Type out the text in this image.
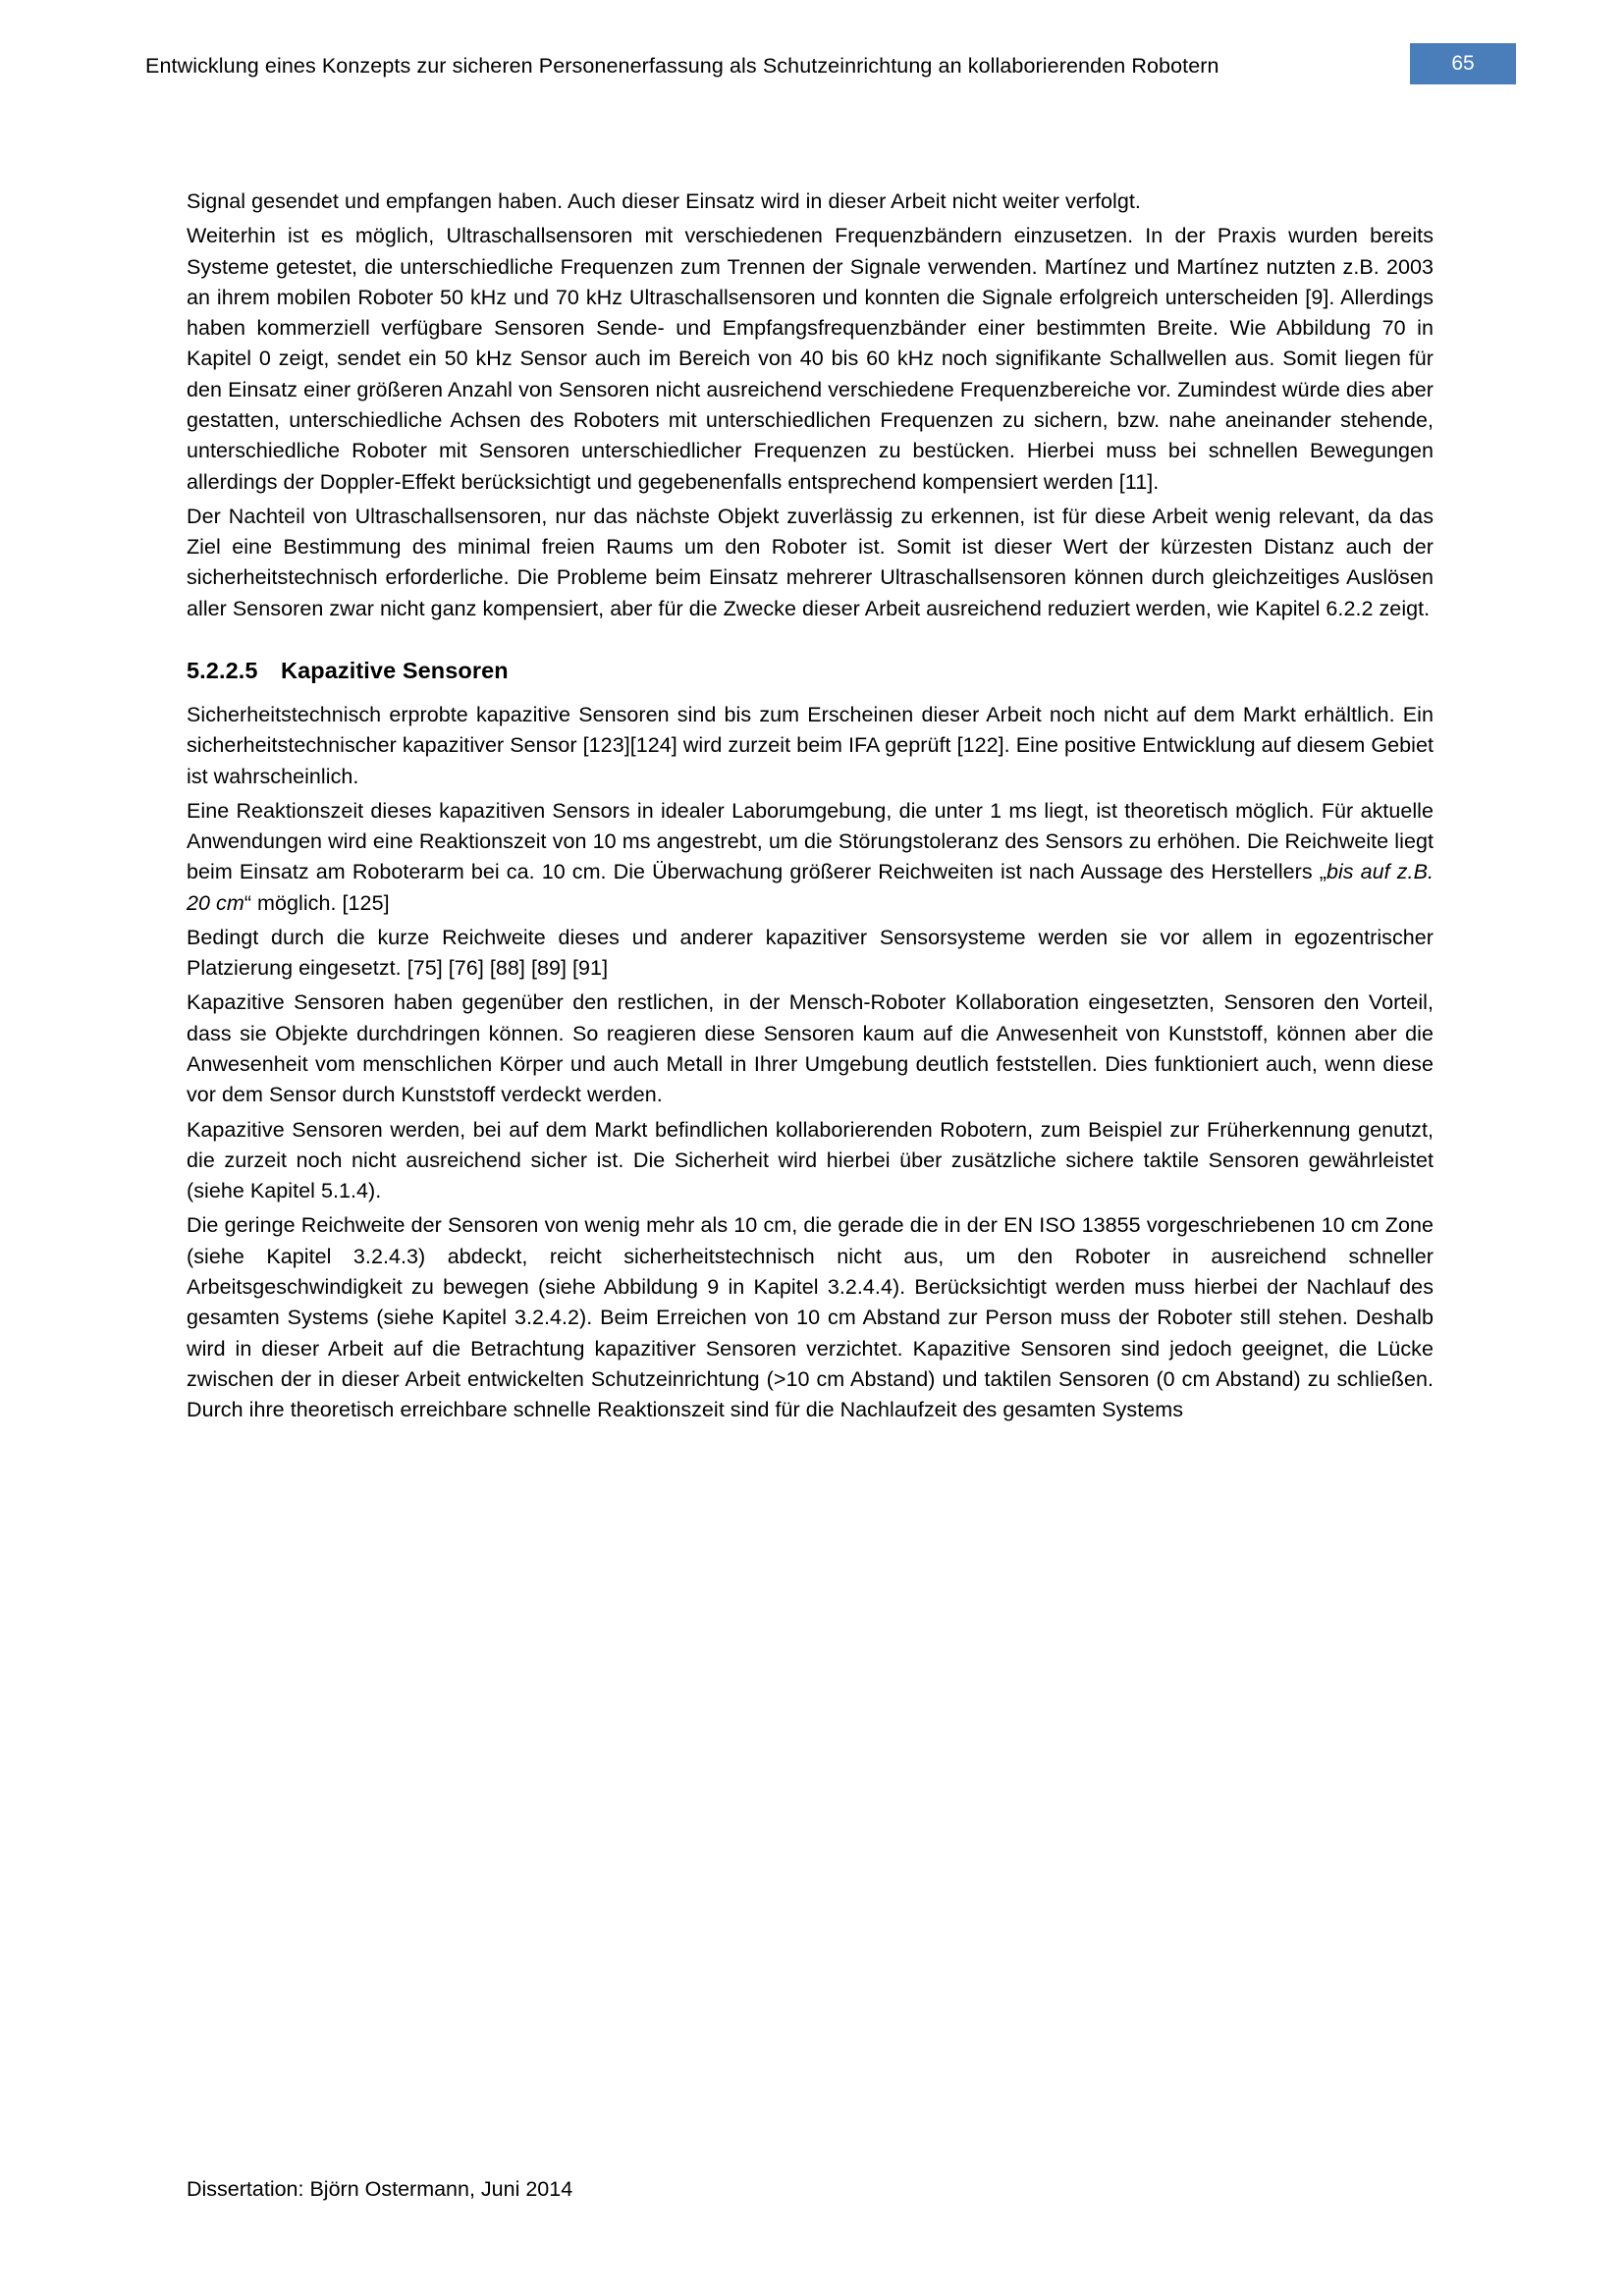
Entwicklung eines Konzepts zur sicheren Personenerfassung als Schutzeinrichtung an kollaborierenden Robotern	65

Signal gesendet und empfangen haben. Auch dieser Einsatz wird in dieser Arbeit nicht weiter verfolgt.

Weiterhin ist es möglich, Ultraschallsensoren mit verschiedenen Frequenzbändern einzusetzen. In der Praxis wurden bereits Systeme getestet, die unterschiedliche Frequenzen zum Trennen der Signale verwenden. Martínez und Martínez nutzten z.B. 2003 an ihrem mobilen Roboter 50 kHz und 70 kHz Ultraschallsensoren und konnten die Signale erfolgreich unterscheiden [9]. Allerdings haben kommerziell verfügbare Sensoren Sende- und Empfangsfrequenzbänder einer bestimmten Breite. Wie Abbildung 70 in Kapitel 0 zeigt, sendet ein 50 kHz Sensor auch im Bereich von 40 bis 60 kHz noch signifikante Schallwellen aus. Somit liegen für den Einsatz einer größeren Anzahl von Sensoren nicht ausreichend verschiedene Frequenzbereiche vor. Zumindest würde dies aber gestatten, unterschiedliche Achsen des Roboters mit unterschiedlichen Frequenzen zu sichern, bzw. nahe aneinander stehende, unterschiedliche Roboter mit Sensoren unterschiedlicher Frequenzen zu bestücken. Hierbei muss bei schnellen Bewegungen allerdings der Doppler-Effekt berücksichtigt und gegebenenfalls entsprechend kompensiert werden [11].

Der Nachteil von Ultraschallsensoren, nur das nächste Objekt zuverlässig zu erkennen, ist für diese Arbeit wenig relevant, da das Ziel eine Bestimmung des minimal freien Raums um den Roboter ist. Somit ist dieser Wert der kürzesten Distanz auch der sicherheitstechnisch erforderliche. Die Probleme beim Einsatz mehrerer Ultraschallsensoren können durch gleichzeitiges Auslösen aller Sensoren zwar nicht ganz kompensiert, aber für die Zwecke dieser Arbeit ausreichend reduziert werden, wie Kapitel 6.2.2 zeigt.

5.2.2.5 Kapazitive Sensoren

Sicherheitstechnisch erprobte kapazitive Sensoren sind bis zum Erscheinen dieser Arbeit noch nicht auf dem Markt erhältlich. Ein sicherheitstechnischer kapazitiver Sensor [123][124] wird zurzeit beim IFA geprüft [122]. Eine positive Entwicklung auf diesem Gebiet ist wahrscheinlich.

Eine Reaktionszeit dieses kapazitiven Sensors in idealer Laborumgebung, die unter 1 ms liegt, ist theoretisch möglich. Für aktuelle Anwendungen wird eine Reaktionszeit von 10 ms angestrebt, um die Störungstoleranz des Sensors zu erhöhen. Die Reichweite liegt beim Einsatz am Roboterarm bei ca. 10 cm. Die Überwachung größerer Reichweiten ist nach Aussage des Herstellers „bis auf z.B. 20 cm“ möglich. [125]

Bedingt durch die kurze Reichweite dieses und anderer kapazitiver Sensorsysteme werden sie vor allem in egozentrischer Platzierung eingesetzt. [75] [76] [88] [89] [91]

Kapazitive Sensoren haben gegenüber den restlichen, in der Mensch-Roboter Kollaboration eingesetzten, Sensoren den Vorteil, dass sie Objekte durchdringen können. So reagieren diese Sensoren kaum auf die Anwesenheit von Kunststoff, können aber die Anwesenheit vom menschlichen Körper und auch Metall in Ihrer Umgebung deutlich feststellen. Dies funktioniert auch, wenn diese vor dem Sensor durch Kunststoff verdeckt werden.

Kapazitive Sensoren werden, bei auf dem Markt befindlichen kollaborierenden Robotern, zum Beispiel zur Früherkennung genutzt, die zurzeit noch nicht ausreichend sicher ist. Die Sicherheit wird hierbei über zusätzliche sichere taktile Sensoren gewährleistet (siehe Kapitel 5.1.4).

Die geringe Reichweite der Sensoren von wenig mehr als 10 cm, die gerade die in der EN ISO 13855 vorgeschriebenen 10 cm Zone (siehe Kapitel 3.2.4.3) abdeckt, reicht sicherheitstechnisch nicht aus, um den Roboter in ausreichend schneller Arbeitsgeschwindigkeit zu bewegen (siehe Abbildung 9 in Kapitel 3.2.4.4). Berücksichtigt werden muss hierbei der Nachlauf des gesamten Systems (siehe Kapitel 3.2.4.2). Beim Erreichen von 10 cm Abstand zur Person muss der Roboter still stehen. Deshalb wird in dieser Arbeit auf die Betrachtung kapazitiver Sensoren verzichtet. Kapazitive Sensoren sind jedoch geeignet, die Lücke zwischen der in dieser Arbeit entwickelten Schutzeinrichtung (>10 cm Abstand) und taktilen Sensoren (0 cm Abstand) zu schließen. Durch ihre theoretisch erreichbare schnelle Reaktionszeit sind für die Nachlaufzeit des gesamten Systems

Dissertation: Björn Ostermann, Juni 2014
